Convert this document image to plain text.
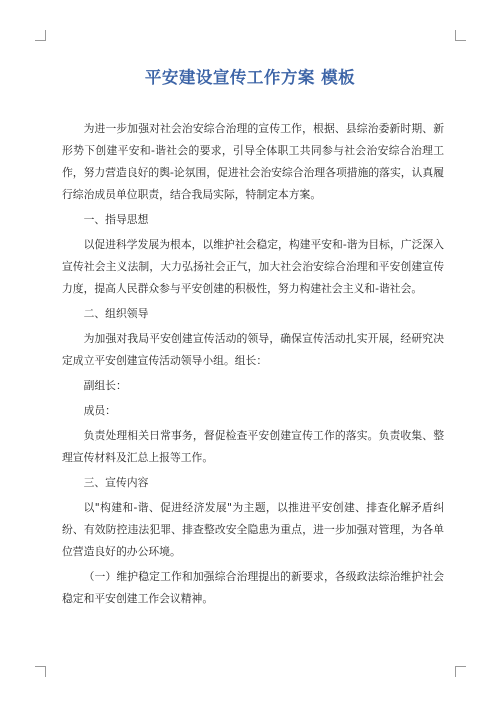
平安建设宣传工作方案 模板

为进一步加强对社会治安综合治理的宣传工作，根据、县综治委新时期、新形势下创建平安和-谐社会的要求，引导全体职工共同参与社会治安综合治理工作，努力营造良好的舆-论氛围，促进社会治安综合治理各项措施的落实，认真履行综治成员单位职责，结合我局实际，特制定本方案。

一、指导思想

以促进科学发展为根本，以维护社会稳定，构建平安和-谐为目标，广泛深入宣传社会主义法制，大力弘扬社会正气，加大社会治安综合治理和平安创建宣传力度，提高人民群众参与平安创建的积极性，努力构建社会主义和-谐社会。

二、组织领导

为加强对我局平安创建宣传活动的领导，确保宣传活动扎实开展，经研究决定成立平安创建宣传活动领导小组。组长：

副组长：

成员：

负责处理相关日常事务，督促检查平安创建宣传工作的落实。负责收集、整理宣传材料及汇总上报等工作。

三、宣传内容

以"构建和-谐、促进经济发展"为主题，以推进平安创建、排查化解矛盾纠纷、有效防控违法犯罪、排查整改安全隐患为重点，进一步加强对管理，为各单位营造良好的办公环境。

（一）维护稳定工作和加强综合治理提出的新要求，各级政法综治维护社会稳定和平安创建工作会议精神。
